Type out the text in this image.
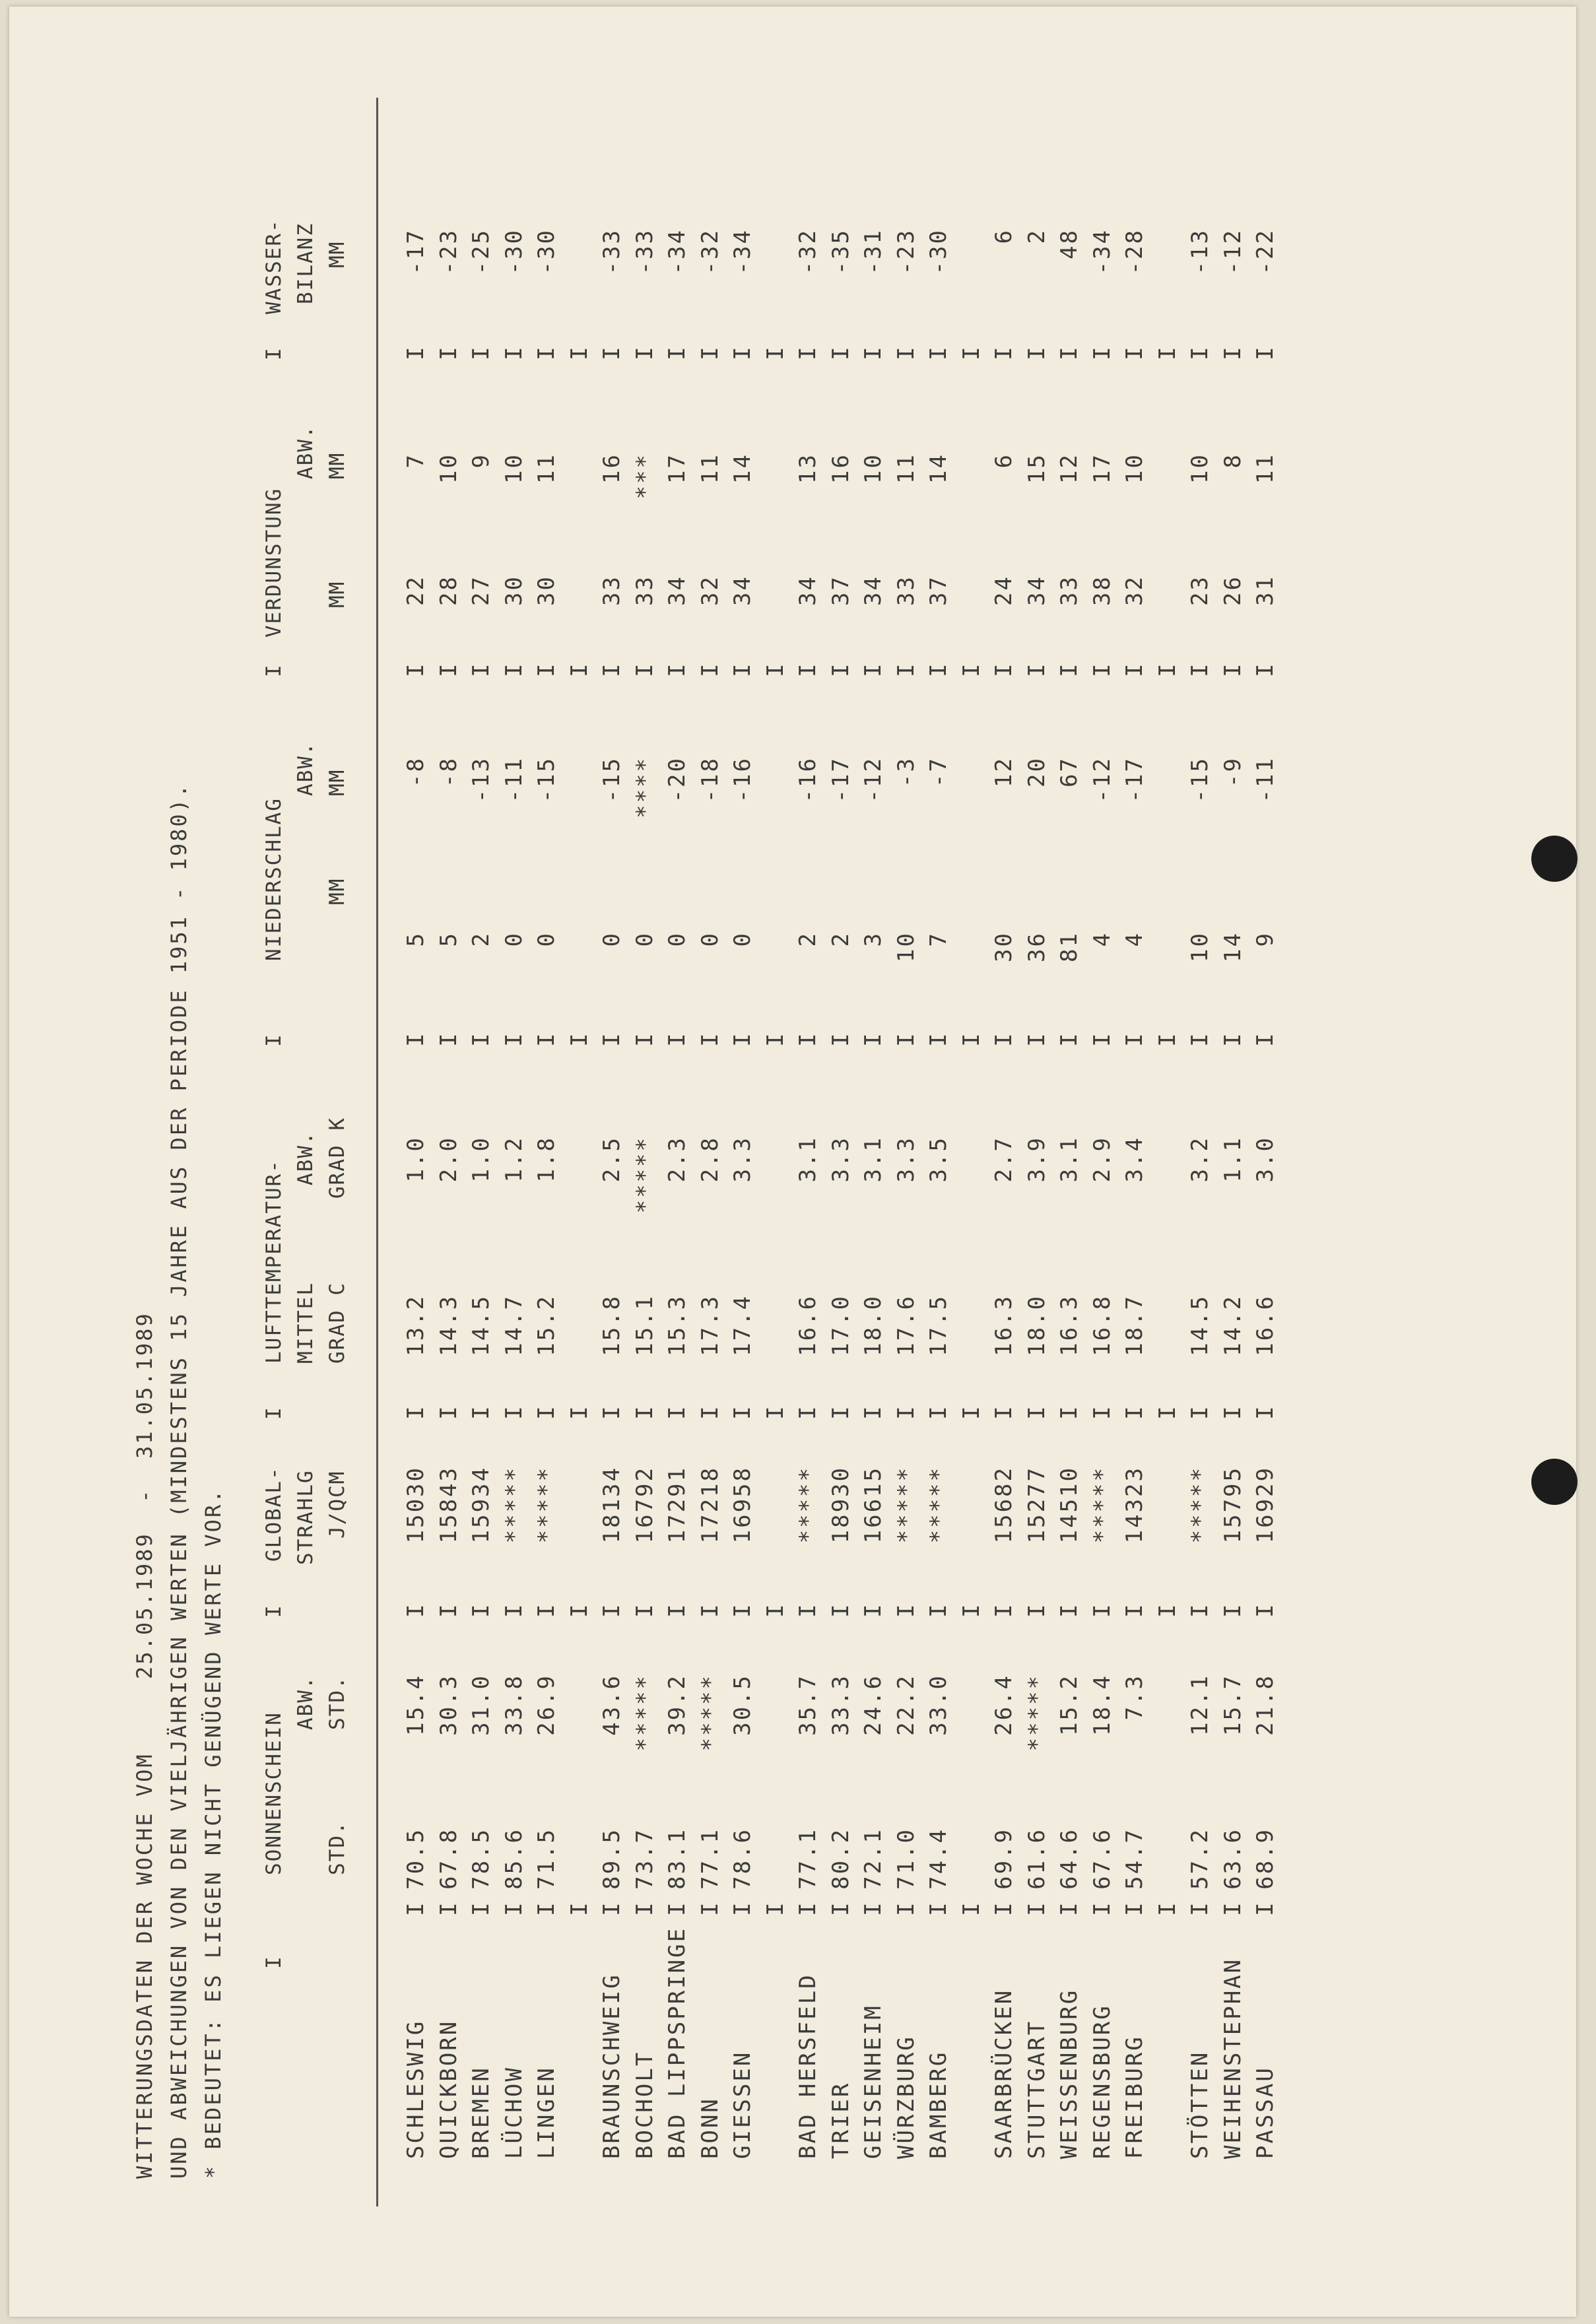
WITTERUNGSDATEN DER WOCHE VOM     25.05.1989  -  31.05.1989 UND ABWEICHUNGEN VON DEN VIELJÄHRIGEN WERTEN (MINDESTENS 15 JAHRE AUS DER PERIODE 1951 - 1980). * BEDEUTET: ES LIEGEN NICHT GENÜGEND WERTE VOR. I
SONNENSCHEIN
ABW.
STD.
STD.
I
GLOBAL- STRAHLG J/QCM
I
LUFTTEMPERATUR- MITTEL GRAD C
ABW. GRAD K
I
NIEDERSCHLAG MM
ABW. MM
I
VERDUNSTUNG MM
ABW. MM
I
WASSER- BILANZ MM
SCHLESWIG
I
70.5
15.4
I
15030
I
13.2
1.0
I
5
-8
I
22
7
I
-17
QUICKBORN
I
67.8
30.3
I
15843
I
14.3
2.0
I
5
-8
I
28
10
I
-23
BREMEN
I
78.5
31.0
I
15934
I
14.5
1.0
I
2
-13
I
27
9
I
-25
LÜCHOW
I
85.6
33.8
I
*****
I
14.7
1.2
I
0
-11
I
30
10
I
-30
LINGEN
I
71.5
26.9
I
*****
I
15.2
1.8
I
0
-15
I
30
11
I
-30
I
I
I
I
I
I
BRAUNSCHWEIG
I
89.5
43.6
I
18134
I
15.8
2.5
I
0
-15
I
33
16
I
-33
BOCHOLT
I
73.7
*****
I
16792
I
15.1
*****
I
0
****
I
33
***
I
-33
BAD LIPPSPRINGE
I
83.1
39.2
I
17291
I
15.3
2.3
I
0
-20
I
34
17
I
-34
BONN
I
77.1
*****
I
17218
I
17.3
2.8
I
0
-18
I
32
11
I
-32
GIESSEN
I
78.6
30.5
I
16958
I
17.4
3.3
I
0
-16
I
34
14
I
-34
I
I
I
I
I
I
BAD HERSFELD
I
77.1
35.7
I
*****
I
16.6
3.1
I
2
-16
I
34
13
I
-32
TRIER
I
80.2
33.3
I
18930
I
17.0
3.3
I
2
-17
I
37
16
I
-35
GEISENHEIM
I
72.1
24.6
I
16615
I
18.0
3.1
I
3
-12
I
34
10
I
-31
WÜRZBURG
I
71.0
22.2
I
*****
I
17.6
3.3
I
10
-3
I
33
11
I
-23
BAMBERG
I
74.4
33.0
I
*****
I
17.5
3.5
I
7
-7
I
37
14
I
-30
I
I
I
I
I
I
SAARBRÜCKEN
I
69.9
26.4
I
15682
I
16.3
2.7
I
30
12
I
24
6
I
6
STUTTGART
I
61.6
*****
I
15277
I
18.0
3.9
I
36
20
I
34
15
I
2
WEISSENBURG
I
64.6
15.2
I
14510
I
16.3
3.1
I
81
67
I
33
12
I
48
REGENSBURG
I
67.6
18.4
I
*****
I
16.8
2.9
I
4
-12
I
38
17
I
-34
FREIBURG
I
54.7
7.3
I
14323
I
18.7
3.4
I
4
-17
I
32
10
I
-28
I
I
I
I
I
I
STÖTTEN
I
57.2
12.1
I
*****
I
14.5
3.2
I
10
-15
I
23
10
I
-13
WEIHENSTEPHAN
I
63.6
15.7
I
15795
I
14.2
1.1
I
14
-9
I
26
8
I
-12
PASSAU
I
68.9
21.8
I
16929
I
16.6
3.0
I
9
-11
I
31
11
I
-22
